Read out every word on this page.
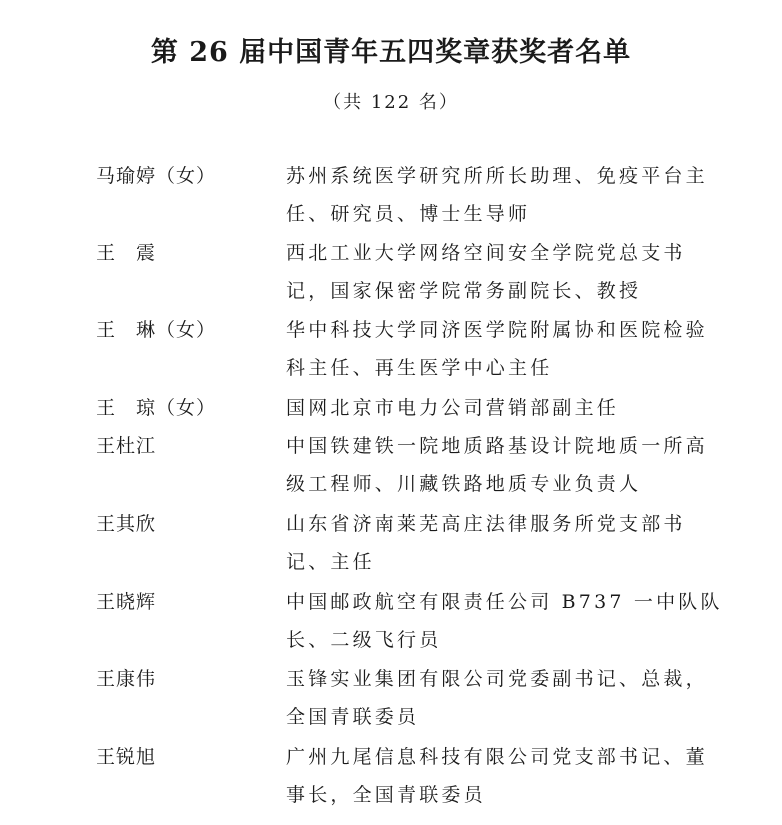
第 26 届中国青年五四奖章获奖者名单
（共 122 名）
马瑜婷（女）	苏州系统医学研究所所长助理、免疫平台主
任、研究员、博士生导师
王　震	西北工业大学网络空间安全学院党总支书
记，国家保密学院常务副院长、教授
王　琳（女）	华中科技大学同济医学院附属协和医院检验
科主任、再生医学中心主任
王　琼（女）	国网北京市电力公司营销部副主任
王杜江	中国铁建铁一院地质路基设计院地质一所高
级工程师、川藏铁路地质专业负责人
王其欣	山东省济南莱芜高庄法律服务所党支部书
记、主任
王晓辉	中国邮政航空有限责任公司 B737 一中队队
长、二级飞行员
王康伟	玉锋实业集团有限公司党委副书记、总裁，
全国青联委员
王锐旭	广州九尾信息科技有限公司党支部书记、董
事长，全国青联委员
